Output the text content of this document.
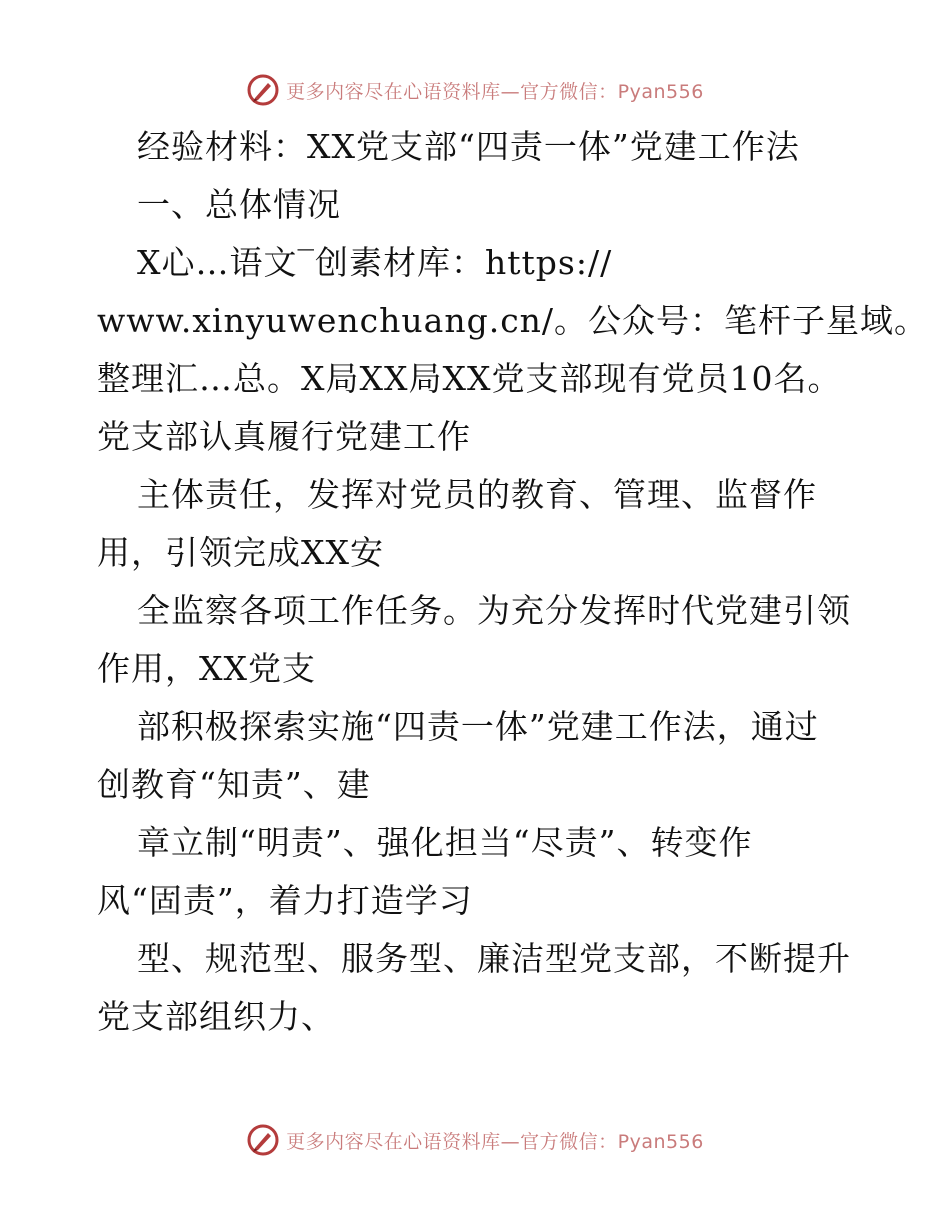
更多内容尽在心语资料库—官方微信：Pyan556
经验材料：XX党支部“四责一体”党建工作法
一、总体情况
X心…语文‾创素材库：https://
www.xinyuwenchuang.cn/。公众号：笔杆子星域。
整理汇…总。X局XX局XX党支部现有党员10名。
党支部认真履行党建工作
主体责任，发挥对党员的教育、管理、监督作
用，引领完成XX安
全监察各项工作任务。为充分发挥时代党建引领
作用，XX党支
部积极探索实施“四责一体”党建工作法，通过
创教育“知责”、建
章立制“明责”、强化担当“尽责”、转变作
风“固责”，着力打造学习
型、规范型、服务型、廉洁型党支部，不断提升
党支部组织力、
更多内容尽在心语资料库—官方微信：Pyan556
